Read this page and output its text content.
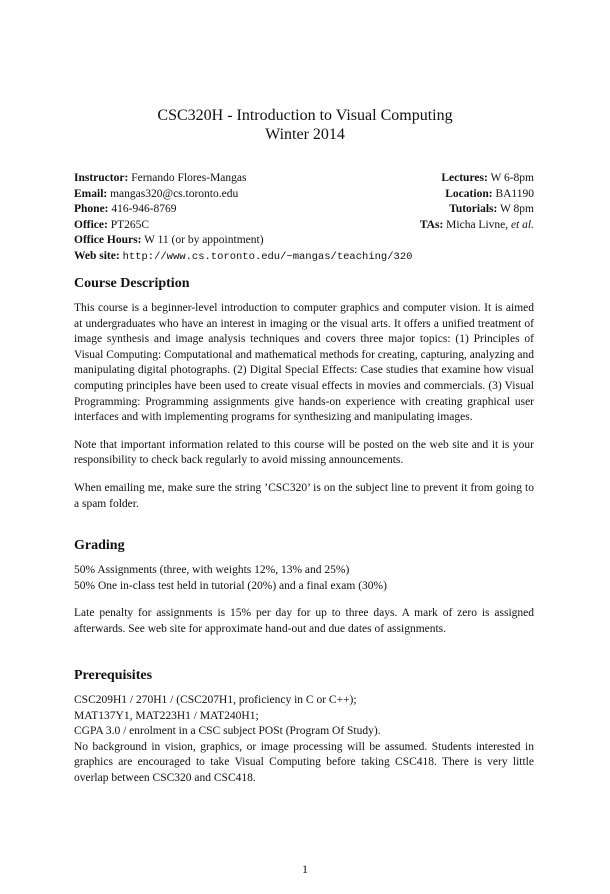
CSC320H - Introduction to Visual Computing
Winter 2014
Instructor: Fernando Flores-Mangas	Lectures: W 6-8pm
Email: mangas320@cs.toronto.edu	Location: BA1190
Phone: 416-946-8769	Tutorials: W 8pm
Office: PT265C	TAs: Micha Livne, et al.
Office Hours: W 11 (or by appointment)
Web site: http://www.cs.toronto.edu/~mangas/teaching/320
Course Description

This course is a beginner-level introduction to computer graphics and computer vision. It is aimed at undergraduates who have an interest in imaging or the visual arts. It offers a unified treatment of image synthesis and image analysis techniques and covers three major topics: (1) Principles of Visual Computing: Computational and mathematical methods for creating, capturing, analyzing and manipulating digital photographs. (2) Digital Special Effects: Case studies that examine how visual computing principles have been used to create visual effects in movies and commercials. (3) Visual Programming: Programming assignments give hands-on experience with creating graphical user interfaces and with implementing programs for synthesizing and manipulating images.

Note that important information related to this course will be posted on the web site and it is your responsibility to check back regularly to avoid missing announcements.

When emailing me, make sure the string ’CSC320’ is on the subject line to prevent it from going to a spam folder.

Grading

50% Assignments (three, with weights 12%, 13% and 25%)

50% One in-class test held in tutorial (20%) and a final exam (30%)

Late penalty for assignments is 15% per day for up to three days. A mark of zero is assigned afterwards. See web site for approximate hand-out and due dates of assignments.

Prerequisites

CSC209H1 / 270H1 / (CSC207H1, proficiency in C or C++);

MAT137Y1, MAT223H1 / MAT240H1;

CGPA 3.0 / enrolment in a CSC subject POSt (Program Of Study).

No background in vision, graphics, or image processing will be assumed. Students interested in graphics are encouraged to take Visual Computing before taking CSC418. There is very little overlap between CSC320 and CSC418.

1
